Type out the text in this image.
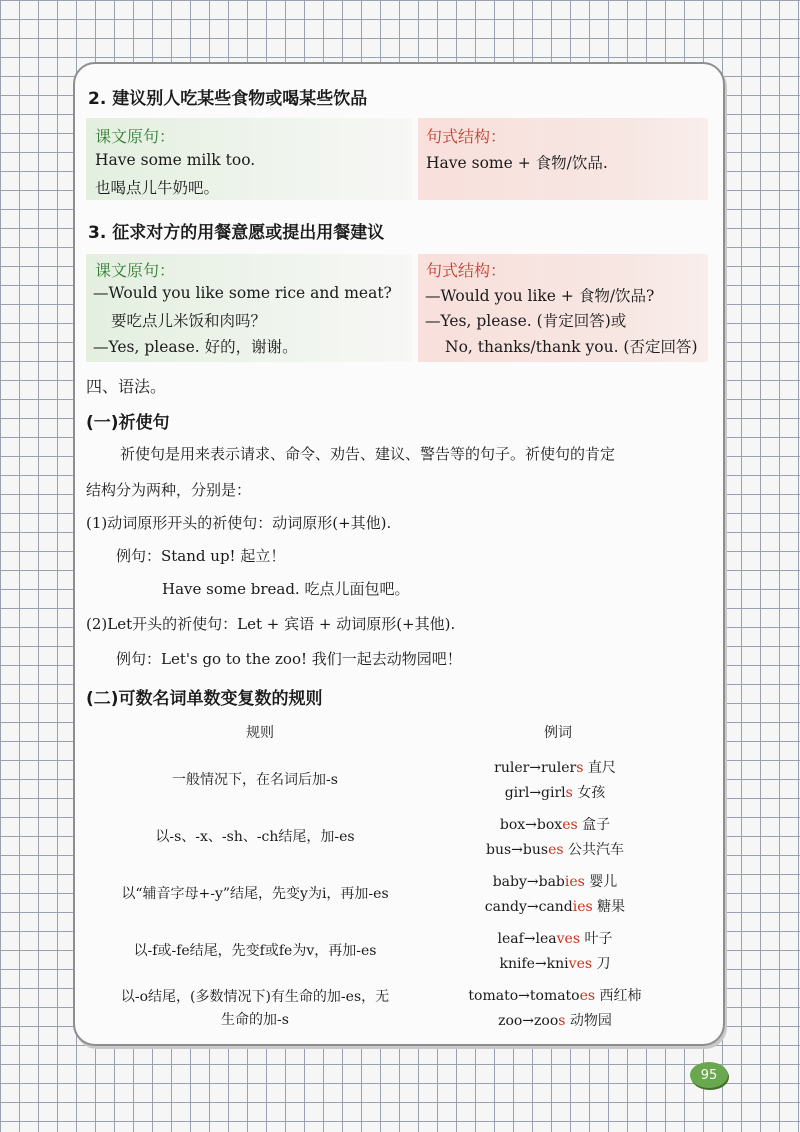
2. 建议别人吃某些食物或喝某些饮品
课文原句：	句式结构：
Have some milk too.
也喝点儿牛奶吧。
Have some + 食物/饮品.
3. 征求对方的用餐意愿或提出用餐建议
课文原句：	句式结构：
—Would you like some rice and meat?
要吃点儿米饭和肉吗？
—Yes, please. 好的，谢谢。
—Would you like + 食物/饮品?
—Yes, please. (肯定回答)或
No, thanks/thank you. (否定回答)
四、语法。
(一)祈使句
祈使句是用来表示请求、命令、劝告、建议、警告等的句子。祈使句的肯定
结构分为两种，分别是：
(1)动词原形开头的祈使句：动词原形(+其他).
例句：Stand up! 起立！
Have some bread. 吃点儿面包吧。
(2)Let开头的祈使句：Let + 宾语 + 动词原形(+其他).
例句：Let's go to the zoo! 我们一起去动物园吧！
(二)可数名词单数变复数的规则
规则	例词
一般情况下，在名词后加-s
ruler→rulers 直尺
girl→girls 女孩
以-s、-x、-sh、-ch结尾，加-es
box→boxes 盒子
bus→buses 公共汽车
以“辅音字母+-y”结尾，先变y为i，再加-es
baby→babies 婴儿
candy→candies 糖果
以-f或-fe结尾，先变f或fe为v，再加-es
leaf→leaves 叶子
knife→knives 刀
以-o结尾，(多数情况下)有生命的加-es，无
生命的加-s
tomato→tomatoes 西红柿
zoo→zoos 动物园
95
